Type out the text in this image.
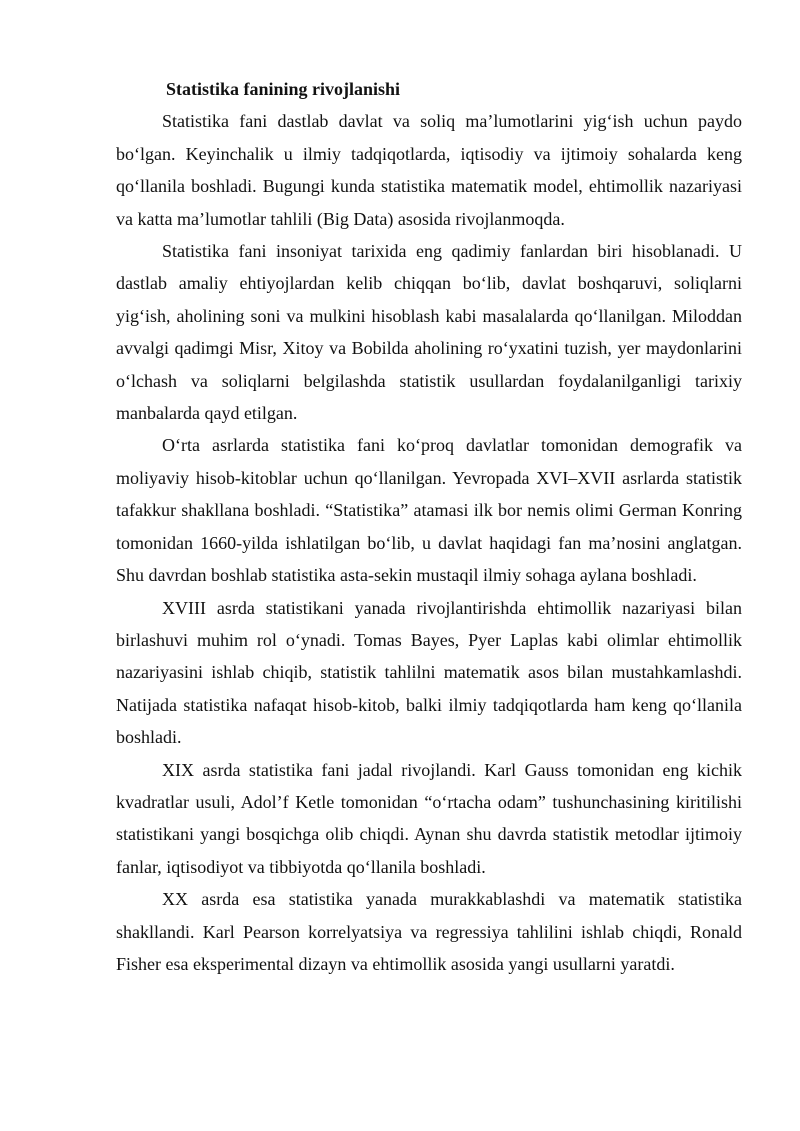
Statistika fanining rivojlanishi

Statistika fani dastlab davlat va soliq ma’lumotlarini yig‘ish uchun paydo bo‘lgan. Keyinchalik u ilmiy tadqiqotlarda, iqtisodiy va ijtimoiy sohalarda keng qo‘llanila boshladi. Bugungi kunda statistika matematik model, ehtimollik nazariyasi va katta ma’lumotlar tahlili (Big Data) asosida rivojlanmoqda.

Statistika fani insoniyat tarixida eng qadimiy fanlardan biri hisoblanadi. U dastlab amaliy ehtiyojlardan kelib chiqqan bo‘lib, davlat boshqaruvi, soliqlarni yig‘ish, aholining soni va mulkini hisoblash kabi masalalarda qo‘llanilgan. Miloddan avvalgi qadimgi Misr, Xitoy va Bobilda aholining ro‘yxatini tuzish, yer maydonlarini o‘lchash va soliqlarni belgilashda statistik usullardan foydalanilganligi tarixiy manbalarda qayd etilgan.

O‘rta asrlarda statistika fani ko‘proq davlatlar tomonidan demografik va moliyaviy hisob-kitoblar uchun qo‘llanilgan. Yevropada XVI–XVII asrlarda statistik tafakkur shakllana boshladi. “Statistika” atamasi ilk bor nemis olimi German Konring tomonidan 1660-yilda ishlatilgan bo‘lib, u davlat haqidagi fan ma’nosini anglatgan. Shu davrdan boshlab statistika asta-sekin mustaqil ilmiy sohaga aylana boshladi.

XVIII asrda statistikani yanada rivojlantirishda ehtimollik nazariyasi bilan birlashuvi muhim rol o‘ynadi. Tomas Bayes, Pyer Laplas kabi olimlar ehtimollik nazariyasini ishlab chiqib, statistik tahlilni matematik asos bilan mustahkamlashdi. Natijada statistika nafaqat hisob-kitob, balki ilmiy tadqiqotlarda ham keng qo‘llanila boshladi.

XIX asrda statistika fani jadal rivojlandi. Karl Gauss tomonidan eng kichik kvadratlar usuli, Adol’f Ketle tomonidan “o‘rtacha odam” tushunchasining kiritilishi statistikani yangi bosqichga olib chiqdi. Aynan shu davrda statistik metodlar ijtimoiy fanlar, iqtisodiyot va tibbiyotda qo‘llanila boshladi.

XX asrda esa statistika yanada murakkablashdi va matematik statistika shakllandi. Karl Pearson korrelyatsiya va regressiya tahlilini ishlab chiqdi, Ronald Fisher esa eksperimental dizayn va ehtimollik asosida yangi usullarni yaratdi.
